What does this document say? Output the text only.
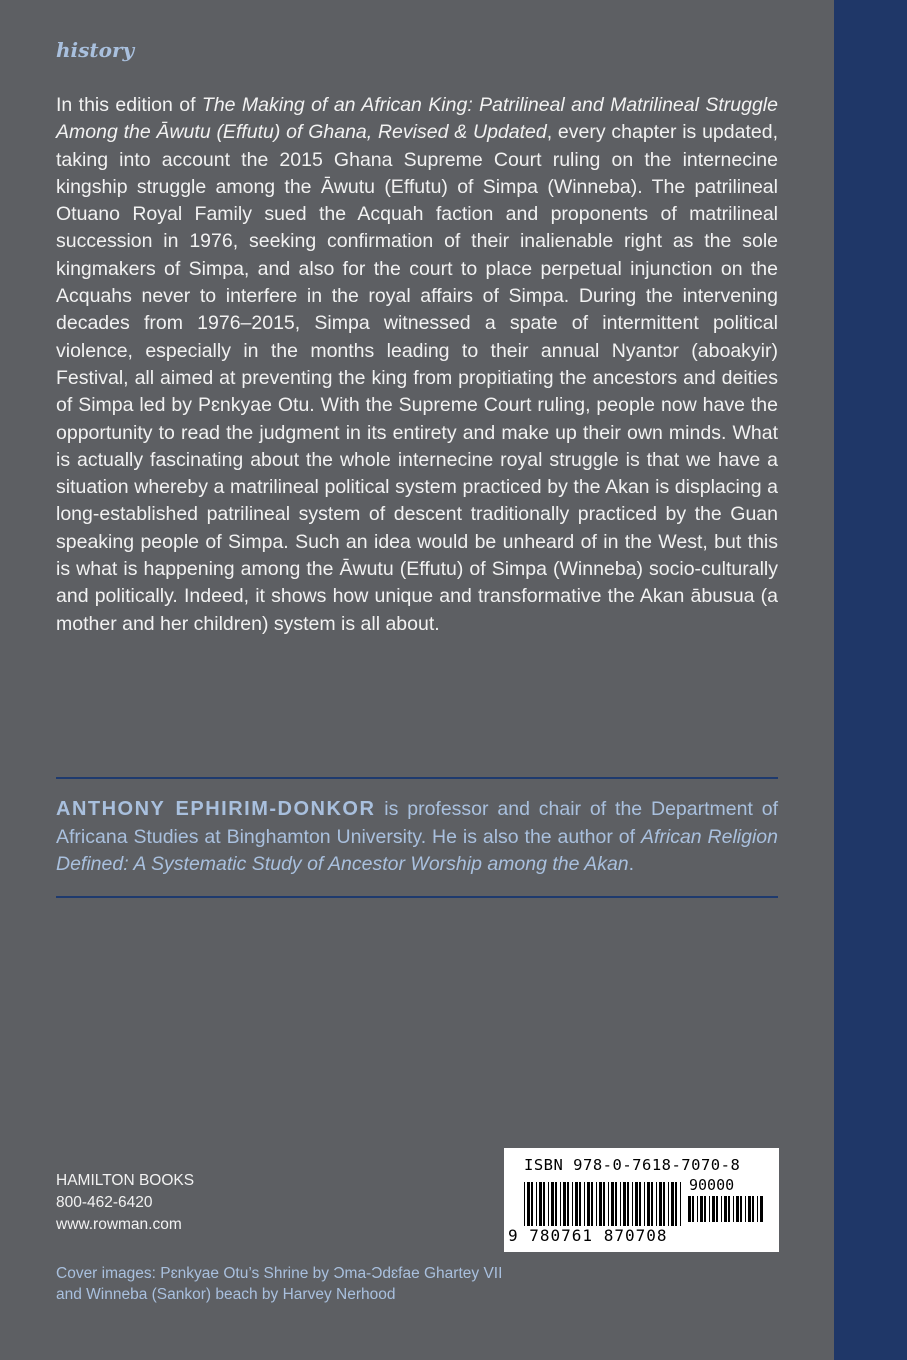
history

In this edition of The Making of an African King: Patrilineal and Matrilineal Struggle Among the Āwutu (Effutu) of Ghana, Revised & Updated, every chapter is updated, taking into account the 2015 Ghana Supreme Court ruling on the internecine kingship struggle among the Āwutu (Effutu) of Simpa (Winneba). The patrilineal Otuano Royal Family sued the Acquah faction and proponents of matrilineal succession in 1976, seeking confirmation of their inalienable right as the sole kingmakers of Simpa, and also for the court to place perpetual injunction on the Acquahs never to interfere in the royal affairs of Simpa. During the intervening decades from 1976–2015, Simpa witnessed a spate of intermittent political violence, especially in the months leading to their annual Nyantɔr (aboakyir) Festival, all aimed at preventing the king from propitiating the ancestors and deities of Simpa led by Pɛnkyae Otu. With the Supreme Court ruling, people now have the opportunity to read the judgment in its entirety and make up their own minds. What is actually fascinating about the whole internecine royal struggle is that we have a situation whereby a matrilineal political system practiced by the Akan is displacing a long-established patrilineal system of descent traditionally practiced by the Guan speaking people of Simpa. Such an idea would be unheard of in the West, but this is what is happening among the Āwutu (Effutu) of Simpa (Winneba) socio-culturally and politically. Indeed, it shows how unique and transformative the Akan ābusua (a mother and her children) system is all about.

ANTHONY EPHIRIM-DONKOR is professor and chair of the Department of Africana Studies at Binghamton University. He is also the author of African Religion Defined: A Systematic Study of Ancestor Worship among the Akan.

HAMILTON BOOKS
800-462-6420
www.rowman.com
Cover images: Pɛnkyae Otu’s Shrine by Ɔma-Ɔdɛfae Ghartey VII and Winneba (Sankor) beach by Harvey Nerhood
ISBN 978-0-7618-7070-8
90000
9 780761 870708
